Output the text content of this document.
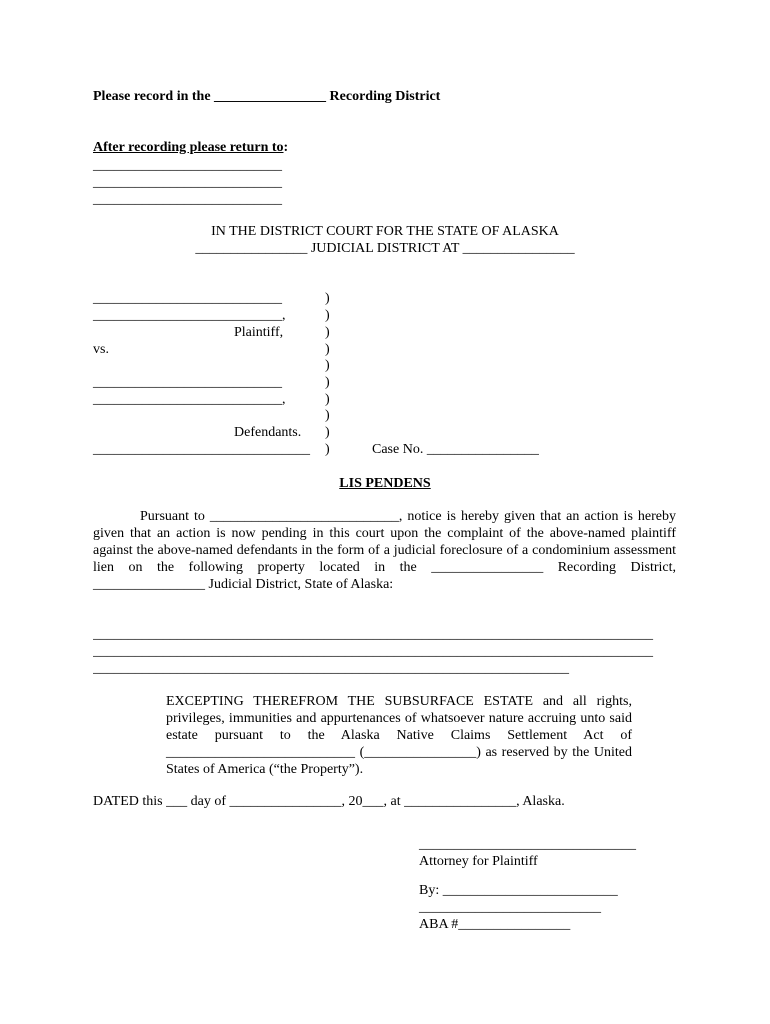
Please record in the ________________ Recording District
After recording please return to:
___________________________
___________________________
___________________________
IN THE DISTRICT COURT FOR THE STATE OF ALASKA
________________ JUDICIAL DISTRICT AT ________________
___________________________
___________________________,
Plaintiff,
vs.
___________________________
___________________________,
Defendants.
_______________________________
)
)
)
)
)
)
)
)
)
)	Case No. ________________
LIS PENDENS
Pursuant to ___________________________, notice is hereby given that an action is hereby given that an action is now pending in this court upon the complaint of the above-named plaintiff against the above-named defendants in the form of a judicial foreclosure of a condominium assessment lien on the following property located in the ________________ Recording District, ________________ Judicial District, State of Alaska:
________________________________________________________________________________
________________________________________________________________________________
____________________________________________________________________
EXCEPTING THEREFROM THE SUBSURFACE ESTATE and all rights, privileges, immunities and appurtenances of whatsoever nature accruing unto said estate pursuant to the Alaska Native Claims Settlement Act of ___________________________ (________________) as reserved by the United States of America (“the Property”).
DATED this ___ day of ________________, 20___, at ________________, Alaska.
_______________________________
Attorney for Plaintiff
By: _________________________
__________________________
ABA #________________
